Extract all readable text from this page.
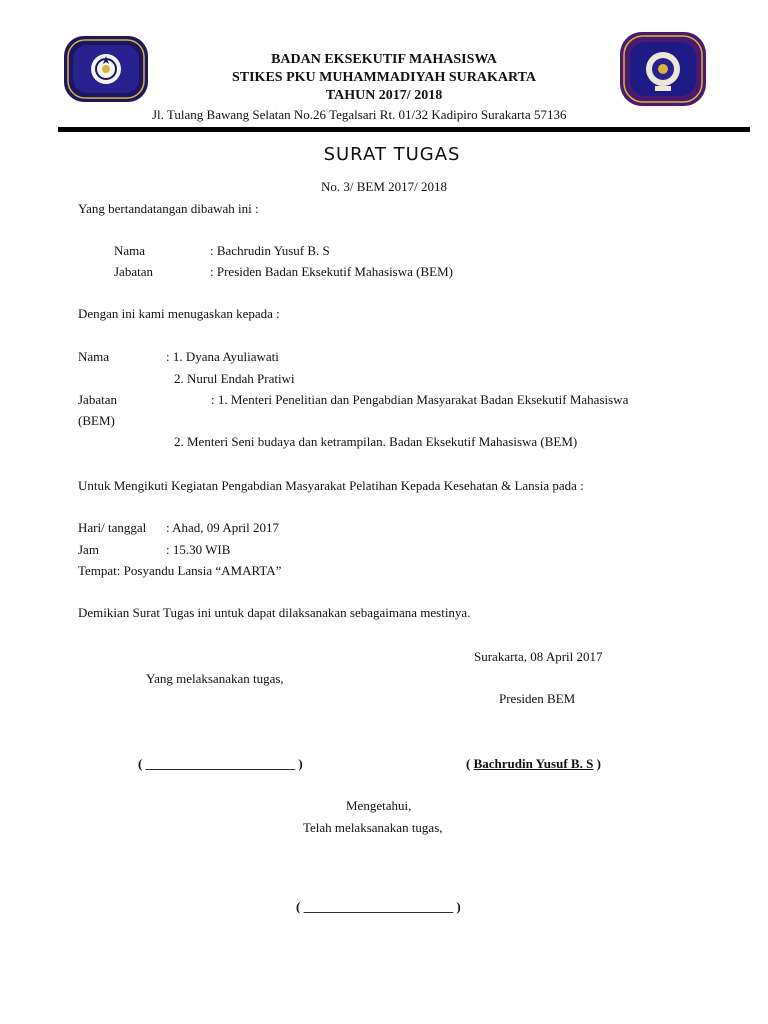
BADAN EKSEKUTIF MAHASISWA
STIKES PKU MUHAMMADIYAH SURAKARTA
TAHUN 2017/ 2018
Jl. Tulang Bawang Selatan No.26 Tegalsari Rt. 01/32 Kadipiro Surakarta 57136
SURAT TUGAS
No. 3/ BEM 2017/ 2018
Yang bertandatangan dibawah ini :
Nama	: Bachrudin Yusuf B. S
Jabatan	: Presiden Badan Eksekutif Mahasiswa (BEM)
Dengan ini kami menugaskan kepada :
Nama	: 1. Dyana Ayuliawati
2. Nurul Endah Pratiwi
Jabatan	: 1. Menteri Penelitian dan Pengabdian Masyarakat Badan Eksekutif Mahasiswa
(BEM)
2. Menteri Seni budaya dan ketrampilan. Badan Eksekutif Mahasiswa (BEM)
Untuk Mengikuti Kegiatan Pengabdian Masyarakat Pelatihan Kepada Kesehatan & Lansia pada :
Hari/ tanggal : Ahad, 09 April 2017
Jam	: 15.30 WIB
Tempat: Posyandu Lansia “AMARTA”
Demikian Surat Tugas ini untuk dapat dilaksanakan sebagaimana mestinya.
Surakarta, 08 April 2017
Yang melaksanakan tugas,
Presiden BEM
( _______________________ )	( Bachrudin Yusuf B. S )
Mengetahui,
Telah melaksanakan tugas,
( _______________________ )
